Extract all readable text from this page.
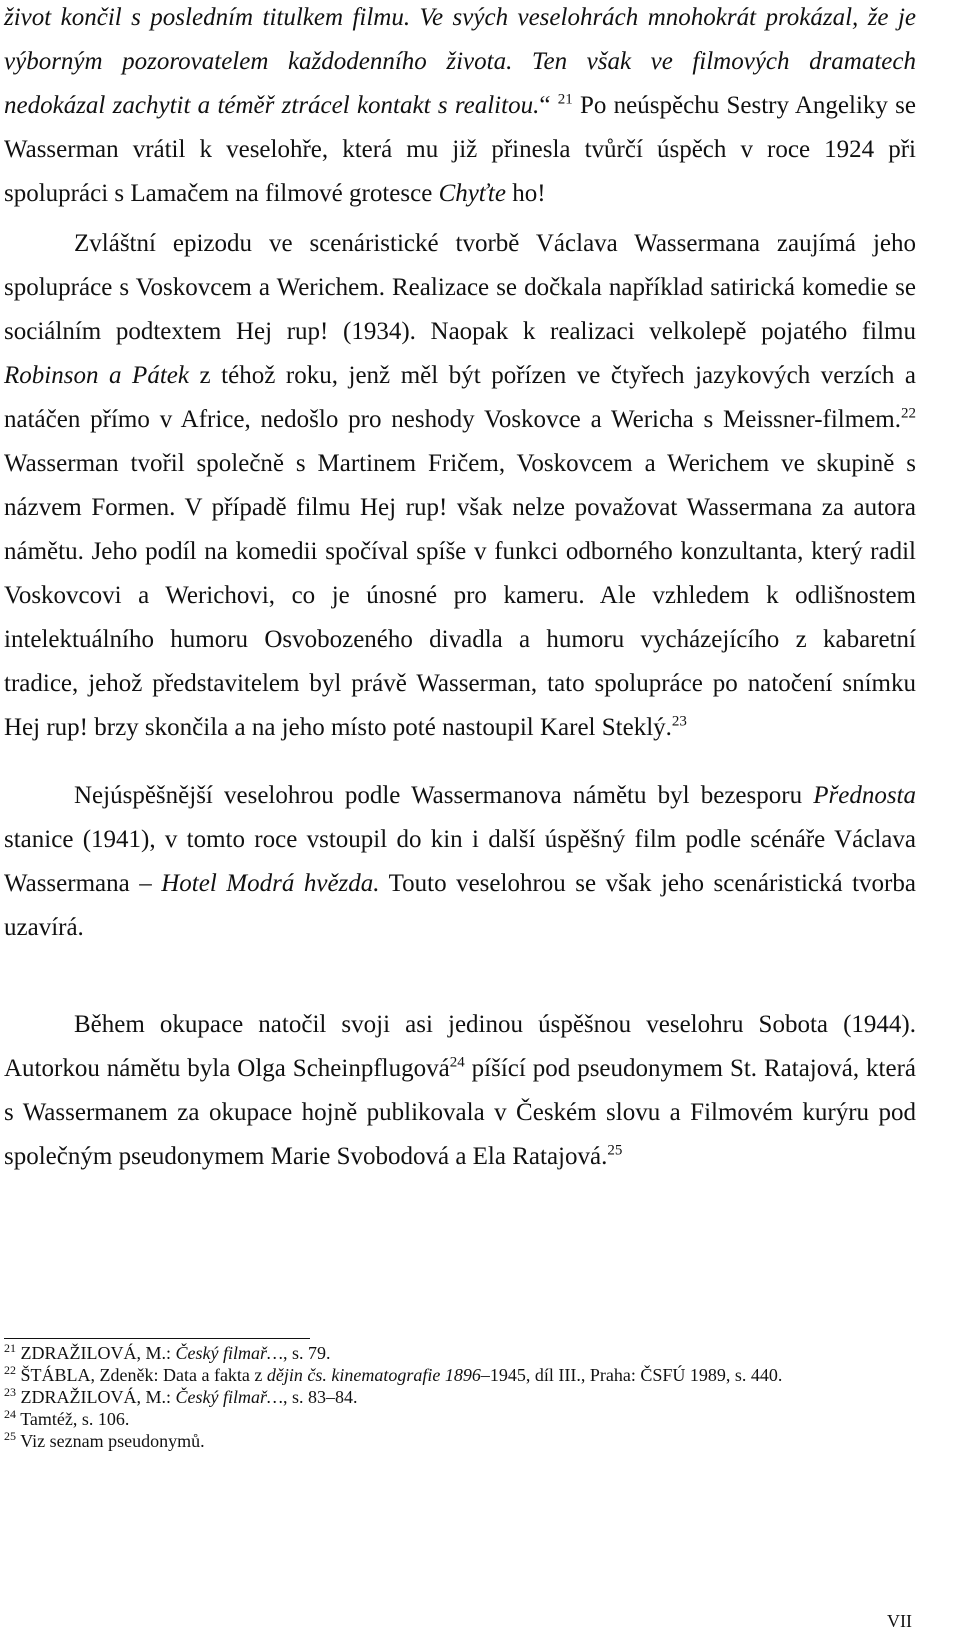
život končil s posledním titulkem filmu. Ve svých veselohrách mnohokrát prokázal, že je výborným pozorovatelem každodenního života. Ten však ve filmových dramatech nedokázal zachytit a téměř ztrácel kontakt s realitou.“ $^{21}$ Po neúspěchu Sestry Angeliky se Wasserman vrátil k veselohře, která mu již přinesla tvůrčí úspěch v roce 1924 při spolupráci s Lamačem na filmové grotesce Chyťte ho!

Zvláštní epizodu ve scenáristické tvorbě Václava Wassermana zaujímá jeho spolupráce s Voskovcem a Werichem. Realizace se dočkala například satirická komedie se sociálním podtextem Hej rup! (1934). Naopak k realizaci velkolepě pojatého filmu Robinson a Pátek z téhož roku, jenž měl být pořízen ve čtyřech jazykových verzích a natáčen přímo v Africe, nedošlo pro neshody Voskovce a Wericha s Meissner-filmem.$^{22}$ Wasserman tvořil společně s Martinem Fričem, Voskovcem a Werichem ve skupině s názvem Formen. V případě filmu Hej rup! však nelze považovat Wassermana za autora námětu. Jeho podíl na komedii spočíval spíše v funkci odborného konzultanta, který radil Voskovcovi a Werichovi, co je únosné pro kameru. Ale vzhledem k odlišnostem intelektuálního humoru Osvobozeného divadla a humoru vycházejícího z kabaretní tradice, jehož představitelem byl právě Wasserman, tato spolupráce po natočení snímku Hej rup! brzy skončila a na jeho místo poté nastoupil Karel Steklý.$^{23}$

Nejúspěšnější veselohrou podle Wassermanova námětu byl bezesporu Přednosta stanice (1941), v tomto roce vstoupil do kin i další úspěšný film podle scénáře Václava Wassermana – Hotel Modrá hvězda. Touto veselohrou se však jeho scenáristická tvorba uzavírá.

Během okupace natočil svoji asi jedinou úspěšnou veselohru Sobota (1944). Autorkou námětu byla Olga Scheinpflugová$^{24}$ píšící pod pseudonymem St. Ratajová, která s Wassermanem za okupace hojně publikovala v Českém slovu a Filmovém kurýru pod společným pseudonymem Marie Svobodová a Ela Ratajová.$^{25}$

$^{21}$ ZDRAŽILOVÁ, M.: Český filmař…, s. 79.

$^{22}$ ŠTÁBLA, Zdeněk: Data a fakta z dějin čs. kinematografie 1896–1945, díl III., Praha: ČSFÚ 1989, s. 440.

$^{23}$ ZDRAŽILOVÁ, M.: Český filmař…, s. 83–84.

$^{24}$ Tamtéž, s. 106.

$^{25}$ Viz seznam pseudonymů.

VII
